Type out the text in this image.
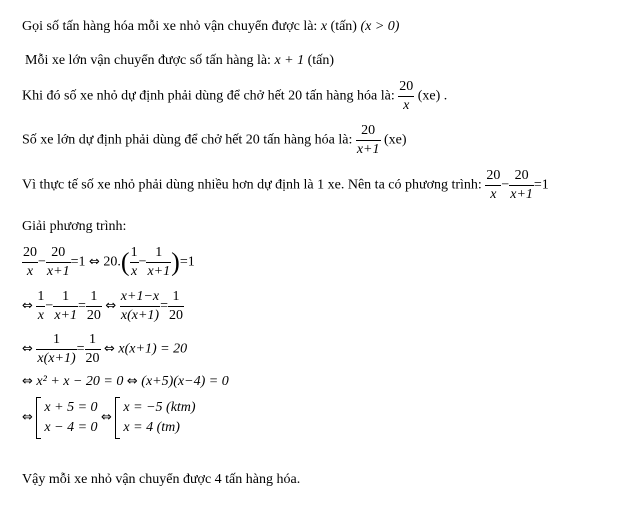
Gọi số tấn hàng hóa mỗi xe nhỏ vận chuyển được là: x (tấn) (x > 0)
Mỗi xe lớn vận chuyển được số tấn hàng là: x + 1 (tấn)
Khi đó số xe nhỏ dự định phải dùng để chở hết 20 tấn hàng hóa là: $\frac{20}{x} (xe)$ .
Số xe lớn dự định phải dùng để chở hết 20 tấn hàng hóa là: $\frac{20}{x+1} (xe)$
Vì thực tế số xe nhỏ phải dùng nhiều hơn dự định là 1 xe. Nên ta có phương trình: $\frac{20}{x} - \frac{20}{x+1} =1$
Giải phương trình:
$\frac{20}{x} - \frac{20}{x+1} =1$ ⇔ $20.( \frac{1}{x} - \frac{1}{x+1} )=1$
⇔ $\frac{1}{x} - \frac{1}{x+1} = \frac{1}{20}$ ⇔ $\frac{x+1-x}{x(x+1)} = \frac{1}{20}$
⇔ $\frac{1}{x(x+1)} = \frac{1}{20}$ ⇔ x(x+1) = 20
⇔ x² + x − 20 = 0 ⇔ (x+5)(x−4) = 0
⇔
x + 5 = 0
x − 4 = 0
⇔
x = −5 (ktm)
x = 4 (tm)
Vậy mỗi xe nhỏ vận chuyển được 4 tấn hàng hóa.
